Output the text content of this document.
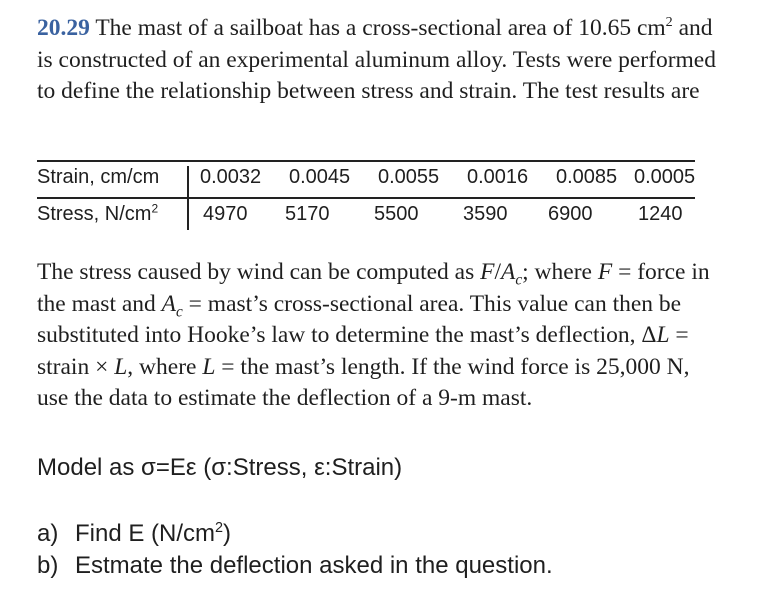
20.29 The mast of a sailboat has a cross-sectional area of 10.65 $cm^2$ and is constructed of an experimental aluminum alloy. Tests were performed to define the relationship between stress and strain. The test results are
Strain, cm/cm 0.0032 0.0045 0.0055 0.0016 0.0085 0.0005
Stress, $N/cm^2$ 4970 5170 5500 3590 6900 1240
The stress caused by wind can be computed as $F/A_c$; where F = force in the mast and $A_c$ = mast’s cross-sectional area. This value can then be substituted into Hooke’s law to determine the mast’s deflection, ΔL = strain × L, where L = the mast’s length. If the wind force is 25,000 N, use the data to estimate the deflection of a 9-m mast.
Model as σ=Eε (σ:Stress, ε:Strain)
a) Find E $(N/cm^2)$
b) Estmate the deflection asked in the question.
